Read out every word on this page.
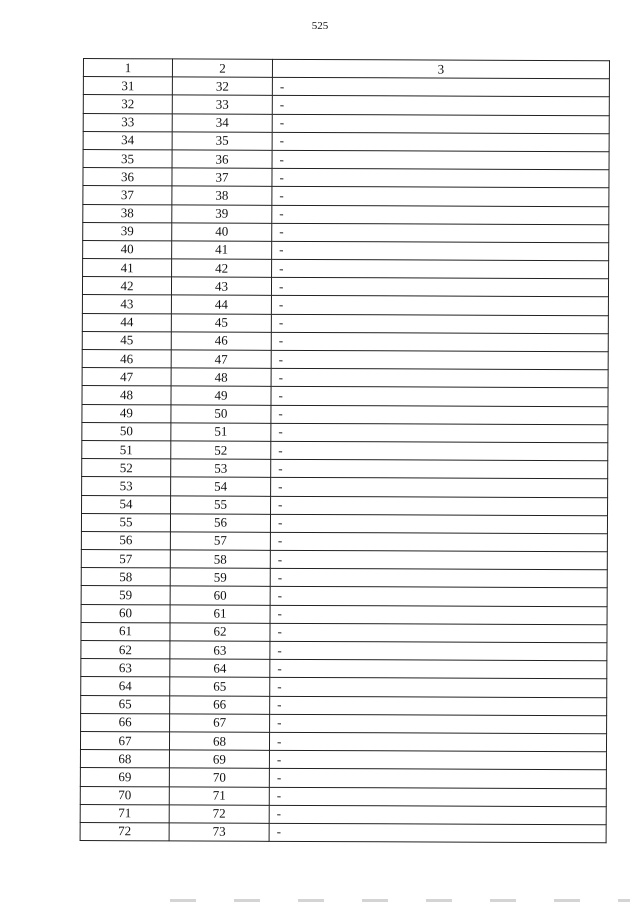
525
1	2	3
31	32	-
32	33	-
33	34	-
34	35	-
35	36	-
36	37	-
37	38	-
38	39	-
39	40	-
40	41	-
41	42	-
42	43	-
43	44	-
44	45	-
45	46	-
46	47	-
47	48	-
48	49	-
49	50	-
50	51	-
51	52	-
52	53	-
53	54	-
54	55	-
55	56	-
56	57	-
57	58	-
58	59	-
59	60	-
60	61	-
61	62	-
62	63	-
63	64	-
64	65	-
65	66	-
66	67	-
67	68	-
68	69	-
69	70	-
70	71	-
71	72	-
72	73	-
